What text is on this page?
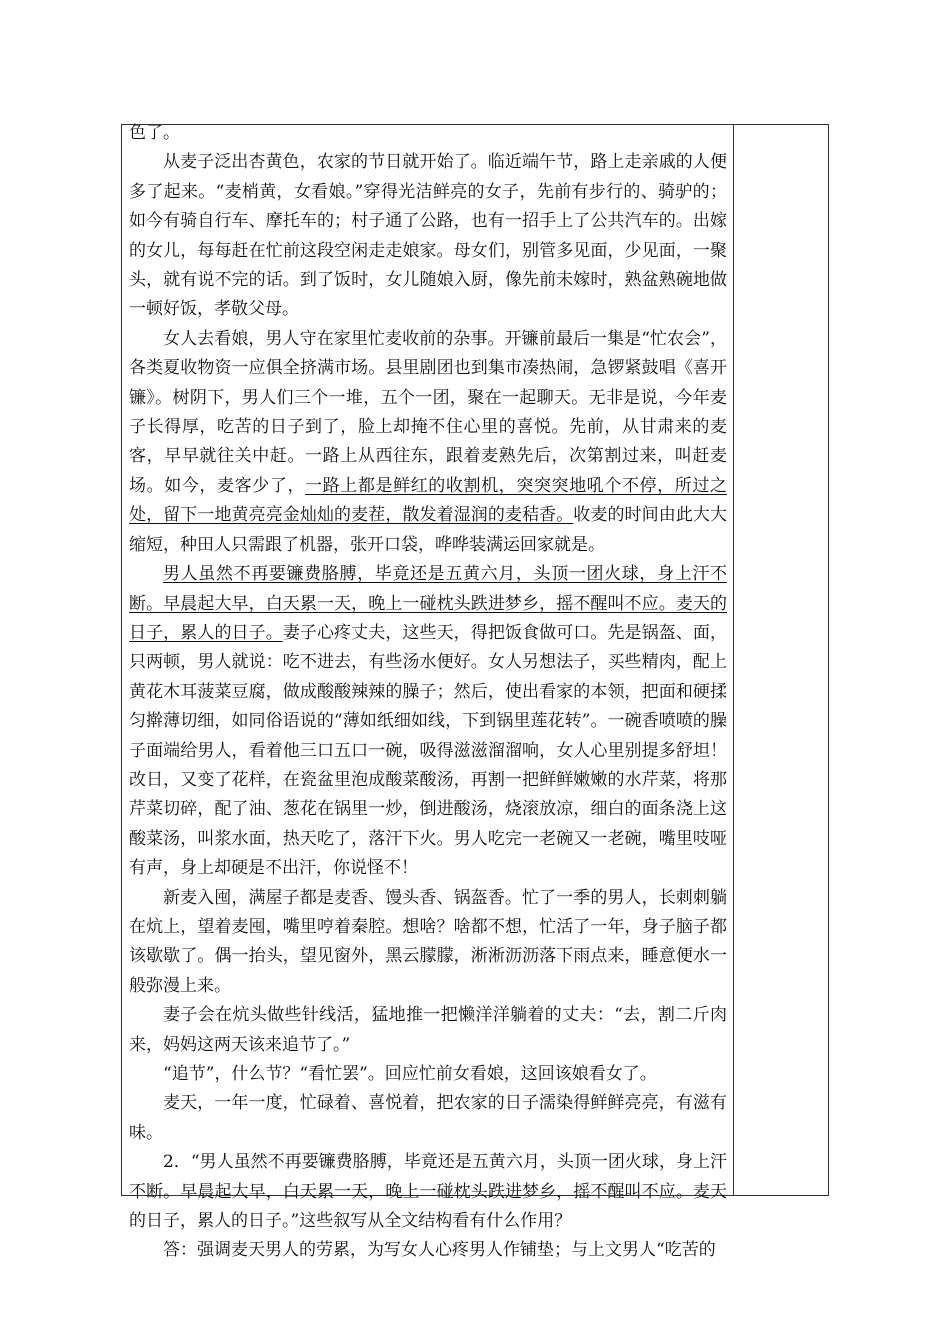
色了。

从麦子泛出杏黄色，农家的节日就开始了。临近端午节，路上走亲戚的人便多了起来。“麦梢黄，女看娘。”穿得光洁鲜亮的女子，先前有步行的、骑驴的；如今有骑自行车、摩托车的；村子通了公路，也有一招手上了公共汽车的。出嫁的女儿，每每赶在忙前这段空闲走走娘家。母女们，别管多见面，少见面，一聚头，就有说不完的话。到了饭时，女儿随娘入厨，像先前未嫁时，熟盆熟碗地做一顿好饭，孝敬父母。

女人去看娘，男人守在家里忙麦收前的杂事。开镰前最后一集是“忙农会”，各类夏收物资一应俱全挤满市场。县里剧团也到集市凑热闹，急锣紧鼓唱《喜开镰》。树阴下，男人们三个一堆，五个一团，聚在一起聊天。无非是说，今年麦子长得厚，吃苦的日子到了，脸上却掩不住心里的喜悦。先前，从甘肃来的麦客，早早就往关中赶。一路上从西往东，跟着麦熟先后，次第割过来，叫赶麦场。如今，麦客少了，一路上都是鲜红的收割机，突突突地吼个不停，所过之处，留下一地黄亮亮金灿灿的麦茬，散发着湿润的麦秸香。收麦的时间由此大大缩短，种田人只需跟了机器，张开口袋，哗哗装满运回家就是。

男人虽然不再要镰费胳膊，毕竟还是五黄六月，头顶一团火球，身上汗不断。早晨起大早，白天累一天，晚上一碰枕头跌进梦乡，摇不醒叫不应。麦天的日子，累人的日子。妻子心疼丈夫，这些天，得把饭食做可口。先是锅盔、面，只两顿，男人就说：吃不进去，有些汤水便好。女人另想法子，买些精肉，配上黄花木耳菠菜豆腐，做成酸酸辣辣的臊子；然后，使出看家的本领，把面和硬揉匀擀薄切细，如同俗语说的“薄如纸细如线，下到锅里莲花转”。一碗香喷喷的臊子面端给男人，看着他三口五口一碗，吸得滋滋溜溜响，女人心里别提多舒坦！改日，又变了花样，在瓷盆里泡成酸菜酸汤，再割一把鲜鲜嫩嫩的水芹菜，将那芹菜切碎，配了油、葱花在锅里一炒，倒进酸汤，烧滚放凉，细白的面条浇上这酸菜汤，叫浆水面，热天吃了，落汗下火。男人吃完一老碗又一老碗，嘴里吱哑有声，身上却硬是不出汗，你说怪不！

新麦入囤，满屋子都是麦香、馒头香、锅盔香。忙了一季的男人，长刺刺躺在炕上，望着麦囤，嘴里哼着秦腔。想啥？啥都不想，忙活了一年，身子脑子都该歇歇了。偶一抬头，望见窗外，黑云朦朦，淅淅沥沥落下雨点来，睡意便水一般弥漫上来。

妻子会在炕头做些针线活，猛地推一把懒洋洋躺着的丈夫：“去，割二斤肉来，妈妈这两天该来追节了。”

“追节”，什么节？“看忙罢”。回应忙前女看娘，这回该娘看女了。

麦天，一年一度，忙碌着、喜悦着，把农家的日子濡染得鲜鲜亮亮，有滋有味。

2．“男人虽然不再要镰费胳膊，毕竟还是五黄六月，头顶一团火球，身上汗不断。早晨起大早，白天累一天，晚上一碰枕头跌进梦乡，摇不醒叫不应。麦天的日子，累人的日子。”这些叙写从全文结构看有什么作用？

答：强调麦天男人的劳累，为写女人心疼男人作铺垫；与上文男人“吃苦的
